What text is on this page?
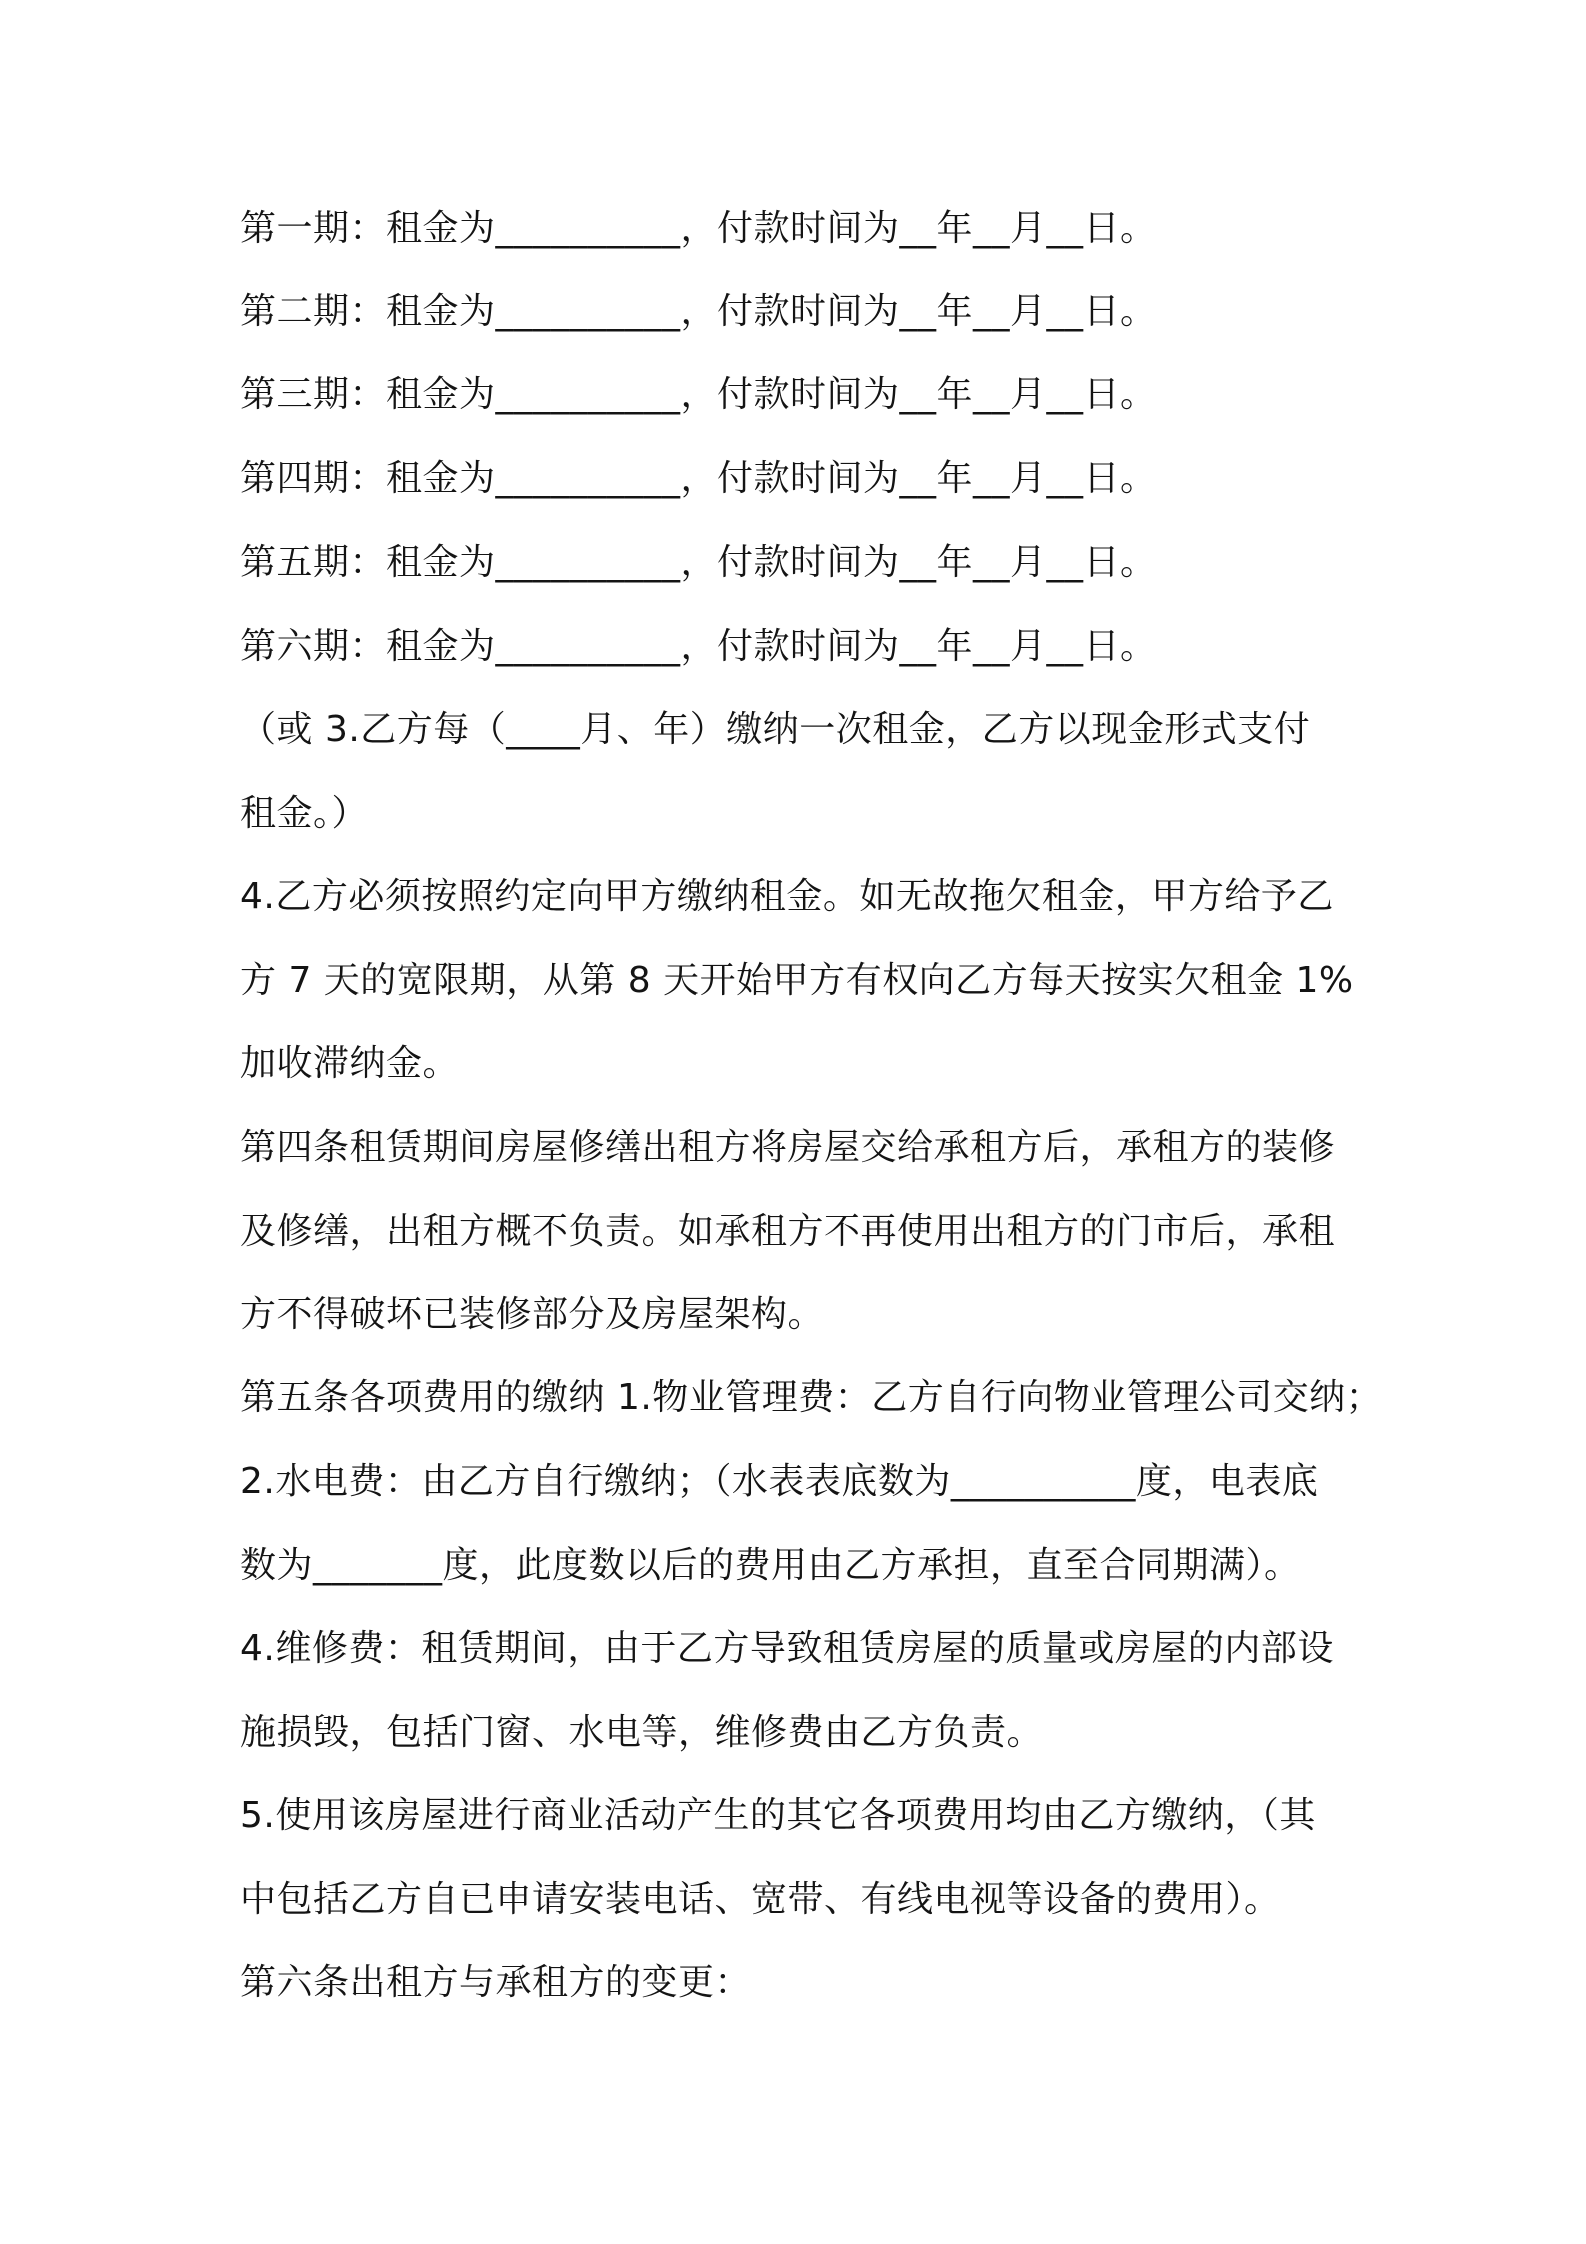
第一期：租金为__________，付款时间为__年__月__日。
第二期：租金为__________，付款时间为__年__月__日。
第三期：租金为__________，付款时间为__年__月__日。
第四期：租金为__________，付款时间为__年__月__日。
第五期：租金为__________，付款时间为__年__月__日。
第六期：租金为__________，付款时间为__年__月__日。
（或 3.乙方每（____月、年）缴纳一次租金，乙方以现金形式支付
租金。）
4.乙方必须按照约定向甲方缴纳租金。如无故拖欠租金，甲方给予乙
方 7 天的宽限期，从第 8 天开始甲方有权向乙方每天按实欠租金 1%
加收滞纳金。
第四条租赁期间房屋修缮出租方将房屋交给承租方后，承租方的装修
及修缮，出租方概不负责。如承租方不再使用出租方的门市后，承租
方不得破坏已装修部分及房屋架构。
第五条各项费用的缴纳 1.物业管理费：乙方自行向物业管理公司交纳；
2.水电费：由乙方自行缴纳；（水表表底数为__________度，电表底
数为_______度，此度数以后的费用由乙方承担，直至合同期满）。
4.维修费：租赁期间，由于乙方导致租赁房屋的质量或房屋的内部设
施损毁，包括门窗、水电等，维修费由乙方负责。
5.使用该房屋进行商业活动产生的其它各项费用均由乙方缴纳，（其
中包括乙方自已申请安装电话、宽带、有线电视等设备的费用）。
第六条出租方与承租方的变更：
